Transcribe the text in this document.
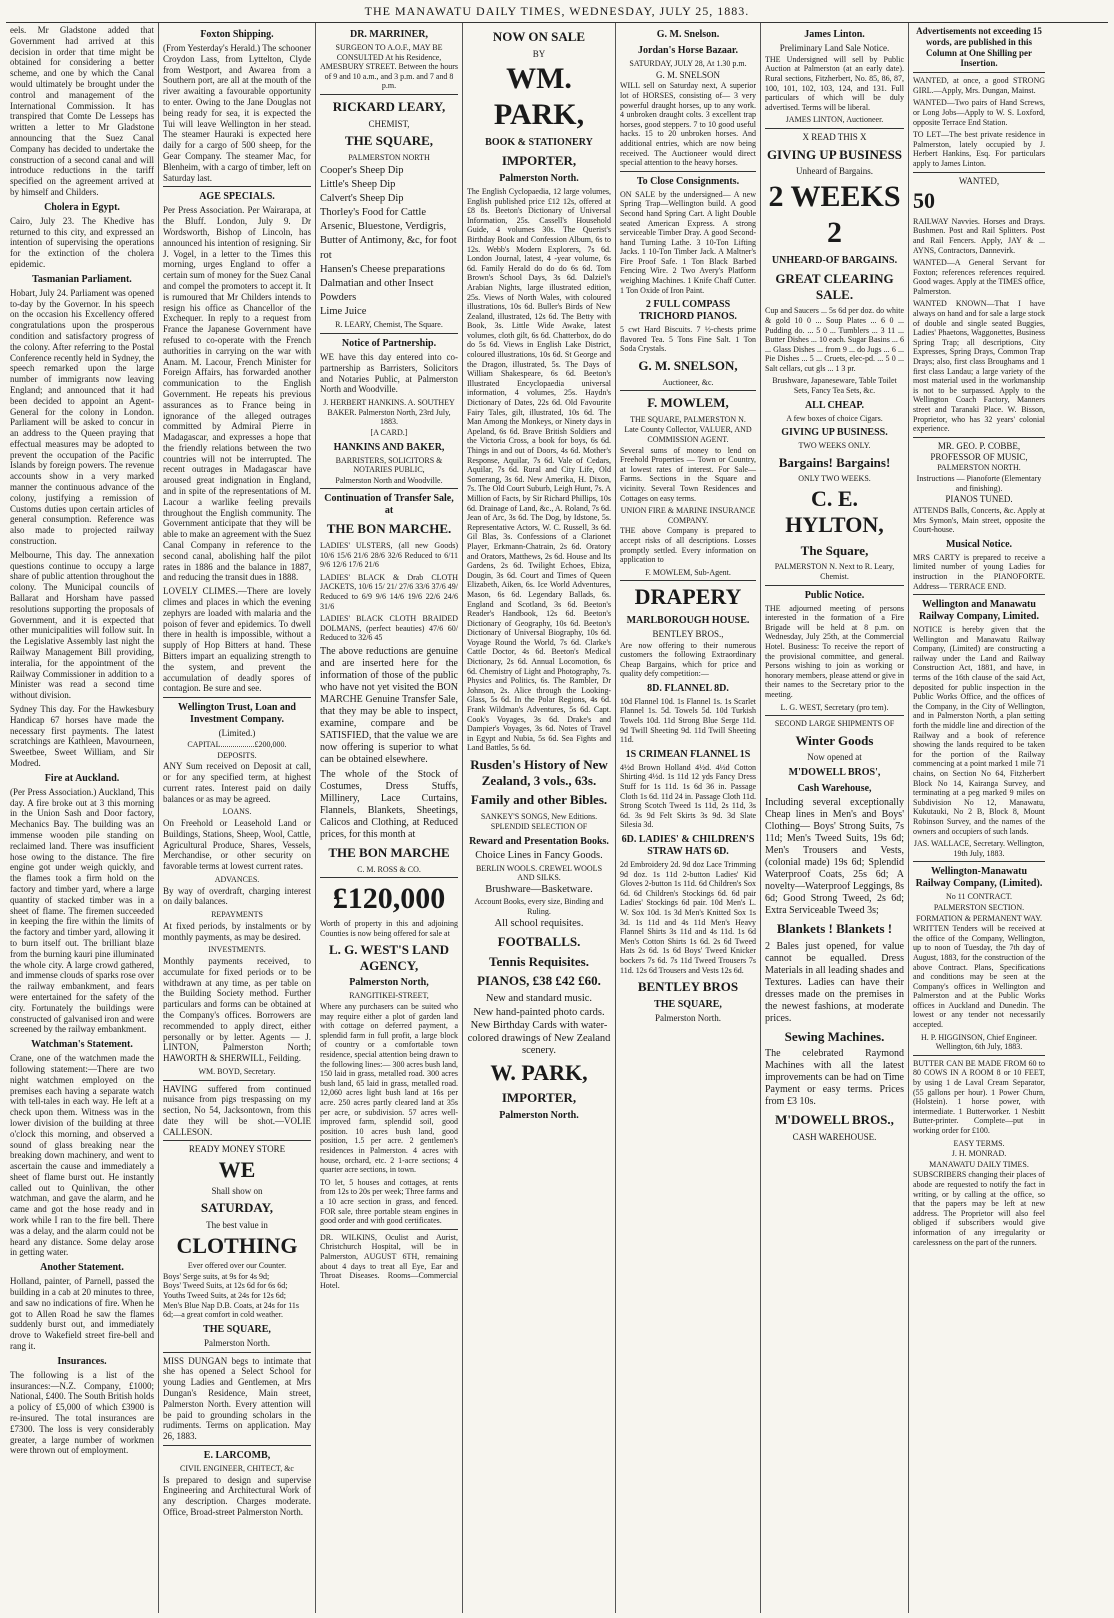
THE MANAWATU DAILY TIMES, WEDNESDAY, JULY 25, 1883.

eels. Mr Gladstone added that Government had arrived at this decision in order that time might be obtained for considering a better scheme, and one by which the Canal would ultimately be brought under the control and management of the International Commission. It has transpired that Comte De Lesseps has written a letter to Mr Gladstone announcing that the Suez Canal Company has decided to undertake the construction of a second canal and will introduce reductions in the tariff specified on the agreement arrived at by himself and Childers.

Cholera in Egypt.

Cairo, July 23. The Khedive has returned to this city, and expressed an intention of supervising the operations for the extinction of the cholera epidemic.

Tasmanian Parliament.

Hobart, July 24. Parliament was opened to-day by the Governor. In his speech on the occasion his Excellency offered congratulations upon the prosperous condition and satisfactory progress of the colony. After referring to the Postal Conference recently held in Sydney, the speech remarked upon the large number of immigrants now leaving England; and announced that it had been decided to appoint an Agent-General for the colony in London. Parliament will be asked to concur in an address to the Queen praying that effectual measures may be adopted to prevent the occupation of the Pacific Islands by foreign powers. The revenue accounts show in a very marked manner the continuous advance of the colony, justifying a remission of Customs duties upon certain articles of general consumption. Reference was also made to projected railway construction.

Melbourne, This day. The annexation questions continue to occupy a large share of public attention throughout the colony. The Municipal councils of Ballarat and Horsham have passed resolutions supporting the proposals of Government, and it is expected that other municipalities will follow suit. In the Legislative Assembly last night the Railway Management Bill providing, interalia, for the appointment of the Railway Commissioner in addition to a Minister was read a second time without division.

Sydney This day. For the Hawkesbury Handicap 67 horses have made the necessary first payments. The latest scratchings are Kathleen, Mavourneen, Sweetbee, Sweet William, and Sir Modred.

Fire at Auckland.

(Per Press Association.) Auckland, This day. A fire broke out at 3 this morning in the Union Sash and Door factory, Mechanics Bay. The building was an immense wooden pile standing on reclaimed land. There was insufficient hose owing to the distance. The fire engine got under weigh quickly, and the flames took a firm hold on the factory and timber yard, where a large quantity of stacked timber was in a sheet of flame. The firemen succeeded in keeping the fire within the limits of the factory and timber yard, allowing it to burn itself out. The brilliant blaze from the burning kauri pine illuminated the whole city. A large crowd gathered, and immense clouds of sparks rose over the railway embankment, and fears were entertained for the safety of the city. Fortunately the buildings were constructed of galvanised iron and were screened by the railway embankment.

Watchman's Statement.

Crane, one of the watchmen made the following statement:—There are two night watchmen employed on the premises each having a separate watch with tell-tales in each way. He left at a check upon them. Witness was in the lower division of the building at three o'clock this morning, and observed a sound of glass breaking near the breaking down machinery, and went to ascertain the cause and immediately a sheet of flame burst out. He instantly called out to Quinlivan, the other watchman, and gave the alarm, and he came and got the hose ready and in work while I ran to the fire bell. There was a delay, and the alarm could not be heard any distance. Some delay arose in getting water.

Another Statement.

Holland, painter, of Parnell, passed the building in a cab at 20 minutes to three, and saw no indications of fire. When he got to Allen Road he saw the flames suddenly burst out, and immediately drove to Wakefield street fire-bell and rang it.

Insurances.

The following is a list of the insurances:—N.Z. Company, £1000; National, £400. The South British holds a policy of £5,000 of which £3900 is re-insured. The total insurances are £7300. The loss is very considerably greater, a large number of workmen were thrown out of employment.

Foxton Shipping.

(From Yesterday's Herald.) The schooner Croydon Lass, from Lyttelton, Clyde from Westport, and Awarea from a Southern port, are all at the mouth of the river awaiting a favourable opportunity to enter. Owing to the Jane Douglas not being ready for sea, it is expected the Tui will leave Wellington in her stead. The steamer Hauraki is expected here daily for a cargo of 500 sheep, for the Gear Company. The steamer Mac, for Blenheim, with a cargo of timber, left on Saturday last.

AGE SPECIALS.

Per Press Association. Per Wairarapa, at the Bluff. London, July 9. Dr Wordsworth, Bishop of Lincoln, has announced his intention of resigning. Sir J. Vogel, in a letter to the Times this morning, urges England to offer a certain sum of money for the Suez Canal and compel the promoters to accept it. It is rumoured that Mr Childers intends to resign his office as Chancellor of the Exchequer. In reply to a request from France the Japanese Government have refused to co-operate with the French authorities in carrying on the war with Anam. M. Lacour, French Minister for Foreign Affairs, has forwarded another communication to the English Government. He repeats his previous assurances as to France being in ignorance of the alleged outrages committed by Admiral Pierre in Madagascar, and expresses a hope that the friendly relations between the two countries will not be interrupted. The recent outrages in Madagascar have aroused great indignation in England, and in spite of the representations of M. Lacour a warlike feeling prevails throughout the English community. The Government anticipate that they will be able to make an agreement with the Suez Canal Company in reference to the second canal, abolishing half the pilot rates in 1886 and the balance in 1887, and reducing the transit dues in 1888.

LOVELY CLIMES.—There are lovely climes and places in which the evening zephyrs are loaded with malaria and the poison of fever and epidemics. To dwell there in health is impossible, without a supply of Hop Bitters at hand. These Bitters impart an equalizing strength to the system, and prevent the accumulation of deadly spores of contagion. Be sure and see.

Wellington Trust, Loan and Investment Company.
(Limited.)
CAPITAL.................£200,000.
DEPOSITS.

ANY Sum received on Deposit at call, or for any specified term, at highest current rates. Interest paid on daily balances or as may be agreed.

LOANS.

On Freehold or Leasehold Land or Buildings, Stations, Sheep, Wool, Cattle, Agricultural Produce, Shares, Vessels, Merchandise, or other security on favorable terms at lowest current rates.

ADVANCES.

By way of overdraft, charging interest on daily balances.

REPAYMENTS

At fixed periods, by instalments or by monthly payments, as may be desired.

INVESTMENTS.

Monthly payments received, to accumulate for fixed periods or to be withdrawn at any time, as per table on the Building Society method. Further particulars and forms can be obtained at the Company's offices. Borrowers are recommended to apply direct, either personally or by letter. Agents — J. LINTON, Palmerston North; HAWORTH & SHERWILL, Feilding.

WM. BOYD, Secretary.

HAVING suffered from continued nuisance from pigs trespassing on my section, No 54, Jacksontown, from this date they will be shot.—VOLIE CALLESON.

READY MONEY STORE
WE
Shall show on
SATURDAY,
The best value in
CLOTHING
Ever offered over our Counter.
Boys' Serge suits, at 9s for 4s 9d;
Boys' Tweed Suits, at 12s 6d for 6s 6d;
Youths Tweed Suits, at 24s for 12s 6d;
Men's Blue Nap D.B. Coats, at 24s for 11s 6d;—a great comfort in cold weather.
THE SQUARE,
Palmerston North.

MISS DUNGAN begs to intimate that she has opened a Select School for young Ladies and Gentlemen, at Mrs Dungan's Residence, Main street, Palmerston North. Every attention will be paid to grounding scholars in the rudiments. Terms on application. May 26, 1883.

E. LARCOMB,
CIVIL ENGINEER, CHITECT, &c

Is prepared to design and supervise Engineering and Architectural Work of any description. Charges moderate. Office, Broad-street Palmerston North.

DR. MARRINER,
SURGEON TO A.O.F., MAY BE CONSULTED At his Residence, AMESBURY STREET. Between the hours of 9 and 10 a.m., and 3 p.m. and 7 and 8 p.m.
RICKARD LEARY,
CHEMIST,
THE SQUARE,
PALMERSTON NORTH
Cooper's Sheep Dip
Little's Sheep Dip
Calvert's Sheep Dip
Thorley's Food for Cattle
Arsenic, Bluestone, Verdigris, Butter of Antimony, &c, for foot rot
Hansen's Cheese preparations
Dalmatian and other Insect Powders
Lime Juice
R. LEARY, Chemist, The Square.
Notice of Partnership.

WE have this day entered into co-partnership as Barristers, Solicitors and Notaries Public, at Palmerston North and Woodville.

J. HERBERT HANKINS. A. SOUTHEY BAKER. Palmerston North, 23rd July, 1883.
[A CARD.]
HANKINS AND BAKER,
BARRISTERS, SOLICITORS & NOTARIES PUBLIC,
Palmerston North and Woodville.
Continuation of Transfer Sale, at
THE BON MARCHE.

LADIES' ULSTERS, (all new Goods) 10/6 15/6 21/6 28/6 32/6 Reduced to 6/11 9/6 12/6 17/6 21/6

LADIES' BLACK & Drab CLOTH JACKETS, 10/6 15/ 21/ 27/6 33/6 37/6 49/ Reduced to 6/9 9/6 14/6 19/6 22/6 24/6 31/6

LADIES' BLACK CLOTH BRAIDED DOLMANS, (perfect beauties) 47/6 60/ Reduced to 32/6 45

The above reductions are genuine and are inserted here for the information of those of the public who have not yet visited the BON MARCHE Genuine Transfer Sale, that they may be able to inspect, examine, compare and be SATISFIED, that the value we are now offering is superior to what can be obtained elsewhere.

The whole of the Stock of Costumes, Dress Stuffs, Millinery, Lace Curtains, Flannels, Blankets, Sheetings, Calicos and Clothing, at Reduced prices, for this month at

THE BON MARCHE
C. M. ROSS & CO.
£120,000

Worth of property in this and adjoining Counties is now being offered for sale at

L. G. WEST'S LAND AGENCY,
Palmerston North,
RANGITIKEI-STREET,

Where any purchasers can be suited who may require either a plot of garden land with cottage on deferred payment, a splendid farm in full profit, a large block of country or a comfortable town residence, special attention being drawn to the following lines:— 300 acres bush land, 150 laid in grass, metalled road. 300 acres bush land, 65 laid in grass, metalled road. 12,060 acres light bush land at 16s per acre. 250 acres partly cleared land at 35s per acre, or subdivision. 57 acres well-improved farm, splendid soil, good position. 10 acres bush land, good position, 1.5 per acre. 2 gentlemen's residences in Palmerston. 4 acres with house, orchard, etc. 2 1-acre sections; 4 quarter acre sections, in town.

TO let, 5 houses and cottages, at rents from 12s to 20s per week; Three farms and a 10 acre section in grass, and fenced. FOR sale, three portable steam engines in good order and with good certificates.

DR. WILKINS, Oculist and Aurist, Christchurch Hospital, will be in Palmerston, AUGUST 6TH, remaining about 4 days to treat all Eye, Ear and Throat Diseases. Rooms—Commercial Hotel.

NOW ON SALE
BY
WM. PARK,
BOOK & STATIONERY
IMPORTER,
Palmerston North.

The English Cyclopaedia, 12 large volumes, English published price £12 12s, offered at £8 8s. Beeton's Dictionary of Universal Information, 25s. Cassell's Household Guide, 4 volumes 30s. The Querist's Birthday Book and Confession Album, 6s to 12s. Webb's Modern Explorers, 7s 6d. London Journal, latest, 4 -year volume, 6s 6d. Family Herald do do do 6s 6d. Tom Brown's School Days, 3s 6d. Dalziel's Arabian Nights, large illustrated edition, 25s. Views of North Wales, with coloured illustrations, 10s 6d. Buller's Birds of New Zealand, illustrated, 12s 6d. The Betty with Book, 3s. Little Wide Awake, latest volumes, cloth gilt, 6s 6d. Chatterbox, do do do 5s 6d. Views in English Lake District, coloured illustrations, 10s 6d. St George and the Dragon, illustrated, 5s. The Days of William Shakespeare, 6s 6d. Beeton's Illustrated Encyclopaedia universal information, 4 volumes, 25s. Haydn's Dictionary of Dates, 22s 6d. Old Favourite Fairy Tales, gilt, illustrated, 10s 6d. The Man Among the Monkeys, or Ninety days in Apeland, 6s 6d. Brave British Soldiers and the Victoria Cross, a book for boys, 6s 6d. Things in and out of Doors, 4s 6d. Mother's Response, Aquilar, 7s 6d. Vale of Cedars, Aquilar, 7s 6d. Rural and City Life, Old Somerang, 3s 6d. New Amerika, H. Dixon, 7s. The Old Court Suburb, Leigh Hunt, 7s. A Million of Facts, by Sir Richard Phillips, 10s 6d. Drainage of Land, &c., A. Roland, 7s 6d. Jean of Arc, 3s 6d. The Dog, by Idstone, 5s. Representative Actors, W. C. Russell, 3s 6d. Gil Blas, 3s. Confessions of a Clarionet Player, Erkmann-Chatrain, 2s 6d. Oratory and Orators, Matthews, 2s 6d. House and Its Gardens, 2s 6d. Twilight Echoes, Ebiza, Dougin, 3s 6d. Court and Times of Queen Elizabeth, Aiken, 6s. Ice World Adventures, Mason, 6s 6d. Legendary Ballads, 6s. England and Scotland, 3s 6d. Beeton's Reader's Handbook, 12s 6d. Beeton's Dictionary of Geography, 10s 6d. Beeton's Dictionary of Universal Biography, 10s 6d. Voyage Round the World, 7s 6d. Clarke's Cattle Doctor, 4s 6d. Beeton's Medical Dictionary, 2s 6d. Annual Locomotion, 6s 6d. Chemistry of Light and Photography, 7s. Physics and Politics, 6s. The Rambler, Dr Johnson, 2s. Alice through the Looking-Glass, 5s 6d. In the Polar Regions, 4s 6d. Frank Wildman's Adventures, 5s 6d. Capt. Cook's Voyages, 3s 6d. Drake's and Dampier's Voyages, 3s 6d. Notes of Travel in Egypt and Nubia, 5s 6d. Sea Fights and Land Battles, 5s 6d.

Rusden's History of New Zealand, 3 vols., 63s.
Family and other Bibles.
SANKEY'S SONGS, New Editions.
SPLENDID SELECTION OF
Reward and Presentation Books.
Choice Lines in Fancy Goods.
BERLIN WOOLS. CREWEL WOOLS AND SILKS.
Brushware—Basketware.
Account Books, every size, Binding and Ruling.
All school requisites.
FOOTBALLS.
Tennis Requisites.
PIANOS, £38 £42 £60.
New and standard music.
New hand-painted photo cards.
New Birthday Cards with water-colored drawings of New Zealand scenery.
W. PARK,
IMPORTER,
Palmerston North.
G. M. Snelson.
Jordan's Horse Bazaar.
SATURDAY, JULY 28, At 1.30 p.m.
G. M. SNELSON

WILL sell on Saturday next, A superior lot of HORSES, consisting of— 3 very powerful draught horses, up to any work. 4 unbroken draught colts. 3 excellent trap horses, good steppers. 7 to 10 good useful hacks. 15 to 20 unbroken horses. And additional entries, which are now being received. The Auctioneer would direct special attention to the heavy horses.

To Close Consignments.

ON SALE by the undersigned— A new Spring Trap—Wellington build. A good Second hand Spring Cart. A light Double seated American Express. A strong serviceable Timber Dray. A good Second-hand Turning Lathe. 3 10-Ton Lifting Jacks. 1 10-Ton Timber Jack. A Maltner's Fire Proof Safe. 1 Ton Black Barbed Fencing Wire. 2 Two Avery's Platform weighing Machines. 1 Knife Chaff Cutter. 1 Ton Oxide of Iron Paint.

2 FULL COMPASS TRICHORD PIANOS.

5 cwt Hard Biscuits. 7 ½-chests prime flavored Tea. 5 Tons Fine Salt. 1 Ton Soda Crystals.

G. M. SNELSON,
Auctioneer, &c.
F. MOWLEM,
THE SQUARE, PALMERSTON N.
Late County Collector, VALUER, AND COMMISSION AGENT.

Several sums of money to lend on Freehold Properties — Town or Country, at lowest rates of interest. For Sale—Farms. Sections in the Square and vicinity. Several Town Residences and Cottages on easy terms.

UNION FIRE & MARINE INSURANCE COMPANY.

THE above Company is prepared to accept risks of all descriptions. Losses promptly settled. Every information on application to

F. MOWLEM, Sub-Agent.
DRAPERY
MARLBOROUGH HOUSE.
BENTLEY BROS.,

Are now offering to their numerous customers the following Extraordinary Cheap Bargains, which for price and quality defy competition:—

8D. FLANNEL 8D.

10d Flannel 10d. 1s Flannel 1s. 1s Scarlet Flannel 1s. 5d. Towels 5d. 10d Turkish Towels 10d. 11d Strong Blue Serge 11d. 9d Twill Sheeting 9d. 11d Twill Sheeting 11d.

1S CRIMEAN FLANNEL 1S

4½d Brown Holland 4½d. 4½d Cotton Shirting 4½d. 1s 11d 12 yds Fancy Dress Stuff for 1s 11d. 1s 6d 36 in. Passage Cloth 1s 6d. 11d 24 in. Passage Cloth 11d. Strong Scotch Tweed 1s 11d, 2s 11d, 3s 6d. 3s 9d Felt Skirts 3s 9d. 3d Slate Silesia 3d.

6D. LADIES' & CHILDREN'S STRAW HATS 6D.

2d Embroidery 2d. 9d doz Lace Trimming 9d doz. 1s 11d 2-button Ladies' Kid Gloves 2-button 1s 11d. 6d Children's Sox 6d. 6d Children's Stockings 6d. 6d pair Ladies' Stockings 6d pair. 10d Men's L. W. Sox 10d. 1s 3d Men's Knitted Sox 1s 3d. 1s 11d and 4s 11d Men's Heavy Flannel Shirts 3s 11d and 4s 11d. 1s 6d Men's Cotton Shirts 1s 6d. 2s 6d Tweed Hats 2s 6d. 1s 6d Boys' Tweed Knicker bockers 7s 6d. 7s 11d Tweed Trousers 7s 11d. 12s 6d Trousers and Vests 12s 6d.

BENTLEY BROS
THE SQUARE,
Palmerston North.
James Linton.
Preliminary Land Sale Notice.

THE Undersigned will sell by Public Auction at Palmerston (at an early date). Rural sections, Fitzherbert, No. 85, 86, 87, 100, 101, 102, 103, 124, and 131. Full particulars of which will be duly advertised. Terms will be liberal.

JAMES LINTON, Auctioneer.
X READ THIS X
GIVING UP BUSINESS
Unheard of Bargains.
2 WEEKS 2
UNHEARD-OF BARGAINS.
GREAT CLEARING SALE.

Cup and Saucers ... 5s 6d per doz. do white & gold 10 0 ... Soup Plates ... 6 0 ... Pudding do. ... 5 0 ... Tumblers ... 3 11 ... Butter Dishes ... 10 each. Sugar Basins ... 6 ... Glass Dishes ... from 9 ... do Jugs ... 6 ... Pie Dishes ... 5 ... Cruets, elec-pd. ... 5 0 ... Salt cellars, cut gls ... 1 3 pr.

Brushware, Japaneseware, Table Toilet Sets, Fancy Tea Sets, &c.
ALL CHEAP.
A few boxes of choice Cigars.
GIVING UP BUSINESS.
TWO WEEKS ONLY.
Bargains! Bargains!
ONLY TWO WEEKS.
C. E. HYLTON,
The Square,
PALMERSTON N. Next to R. Leary, Chemist.
Public Notice.

THE adjourned meeting of persons interested in the formation of a Fire Brigade will be held at 8 p.m. on Wednesday, July 25th, at the Commercial Hotel. Business: To receive the report of the provisional committee, and general. Persons wishing to join as working or honorary members, please attend or give in their names to the Secretary prior to the meeting.

L. G. WEST, Secretary (pro tem).
SECOND LARGE SHIPMENTS OF
Winter Goods
Now opened at
M'DOWELL BROS',
Cash Warehouse,

Including several exceptionally Cheap lines in Men's and Boys' Clothing— Boys' Strong Suits, 7s 11d; Men's Tweed Suits, 19s 6d; Men's Trousers and Vests, (colonial made) 19s 6d; Splendid Waterproof Coats, 25s 6d; A novelty—Waterproof Leggings, 8s 6d; Good Strong Tweed, 2s 6d; Extra Serviceable Tweed 3s;

Blankets ! Blankets !

2 Bales just opened, for value cannot be equalled. Dress Materials in all leading shades and Textures. Ladies can have their dresses made on the premises in the newest fashions, at moderate prices.

Sewing Machines.

The celebrated Raymond Machines with all the latest improvements can be had on Time Payment or easy terms. Prices from £3 10s.

M'DOWELL BROS.,
CASH WAREHOUSE.
Advertisements not exceeding 15 words, are published in this Column at One Shilling per Insertion.

WANTED, at once, a good STRONG GIRL.—Apply, Mrs. Dungan, Mainst.

WANTED—Two pairs of Hand Screws, or Long Jobs—Apply to W. S. Loxford, opposite Terrace End Station.

TO LET—The best private residence in Palmerston, lately occupied by J. Herbert Hankins, Esq. For particulars apply to James Linton.

WANTED,
50

RAILWAY Navvies. Horses and Drays. Bushmen. Post and Rail Splitters. Post and Rail Fencers. Apply, JAY & ... AYNS, Contractors, Dannevirk.

WANTED—A General Servant for Foxton; references references required. Good wages. Apply at the TIMES office, Palmerston.

WANTED KNOWN—That I have always on hand and for sale a large stock of double and single seated Buggies, Ladies' Phaetons, Waggonettes, Business Spring Trap; all descriptions, City Expresses, Spring Drays, Common Trap Drays; also, first class Broughams and 1 first class Landau; a large variety of the most material used in the workmanship is not to be surpassed. Apply to the Wellington Coach Factory, Manners street and Taranaki Place. W. Bisson, Proprietor, who has 32 years' colonial experience.

MR. GEO. P. COBBE, PROFESSOR OF MUSIC,
PALMERSTON NORTH.
Instructions — Pianoforte (Elementary and finishing).
PIANOS TUNED.

ATTENDS Balls, Concerts, &c. Apply at Mrs Symon's, Main street, opposite the Court-house.

Musical Notice.

MRS CARTY is prepared to receive a limited number of young Ladies for instruction in the PIANOFORTE. Address— TERRACE END.

Wellington and Manawatu Railway Company, Limited.

NOTICE is hereby given that the Wellington and Manawatu Railway Company, (Limited) are constructing a railway under the Land and Railway Construction Act, 1881, and have, in terms of the 16th clause of the said Act, deposited for public inspection in the Public Works Office, and the offices of the Company, in the City of Wellington, and in Palmerston North, a plan setting forth the middle line and direction of the Railway and a book of reference showing the lands required to be taken for the portion of the Railway commencing at a point marked 1 mile 71 chains, on Section No 64, Fitzherbert Block No 14, Kairanga Survey, and terminating at a peg marked 9 miles on Subdivision No 12, Manawatu, Kukutauki, No 2 B, Block 8, Mount Robinson Survey, and the names of the owners and occupiers of such lands.

JAS. WALLACE, Secretary. Wellington, 19th July, 1883.
Wellington-Manawatu Railway Company, (Limited).
No 11 CONTRACT.
PALMERSTON SECTION.
FORMATION & PERMANENT WAY.

WRITTEN Tenders will be received at the office of the Company, Wellington, up to noon of Tuesday, the 7th day of August, 1883, for the construction of the above Contract. Plans, Specifications and conditions may be seen at the Company's offices in Wellington and Palmerston and at the Public Works offices in Auckland and Dunedin. The lowest or any tender not necessarily accepted.

H. P. HIGGINSON, Chief Engineer. Wellington, 6th July, 1883.

BUTTER CAN BE MADE FROM 60 to 80 COWS IN A ROOM 8 or 10 FEET, by using 1 de Laval Cream Separator, (55 gallons per hour). 1 Power Churn, (Holstein). 1 horse power, with intermediate. 1 Butterworker. 1 Nesbitt Butter-printer. Complete—put in working order for £100.

EASY TERMS.
J. H. MONRAD.
MANAWATU DAILY TIMES.

SUBSCRIBERS changing their places of abode are requested to notify the fact in writing, or by calling at the office, so that the papers may be left at new address. The Proprietor will also feel obliged if subscribers would give information of any irregularity or carelessness on the part of the runners.
